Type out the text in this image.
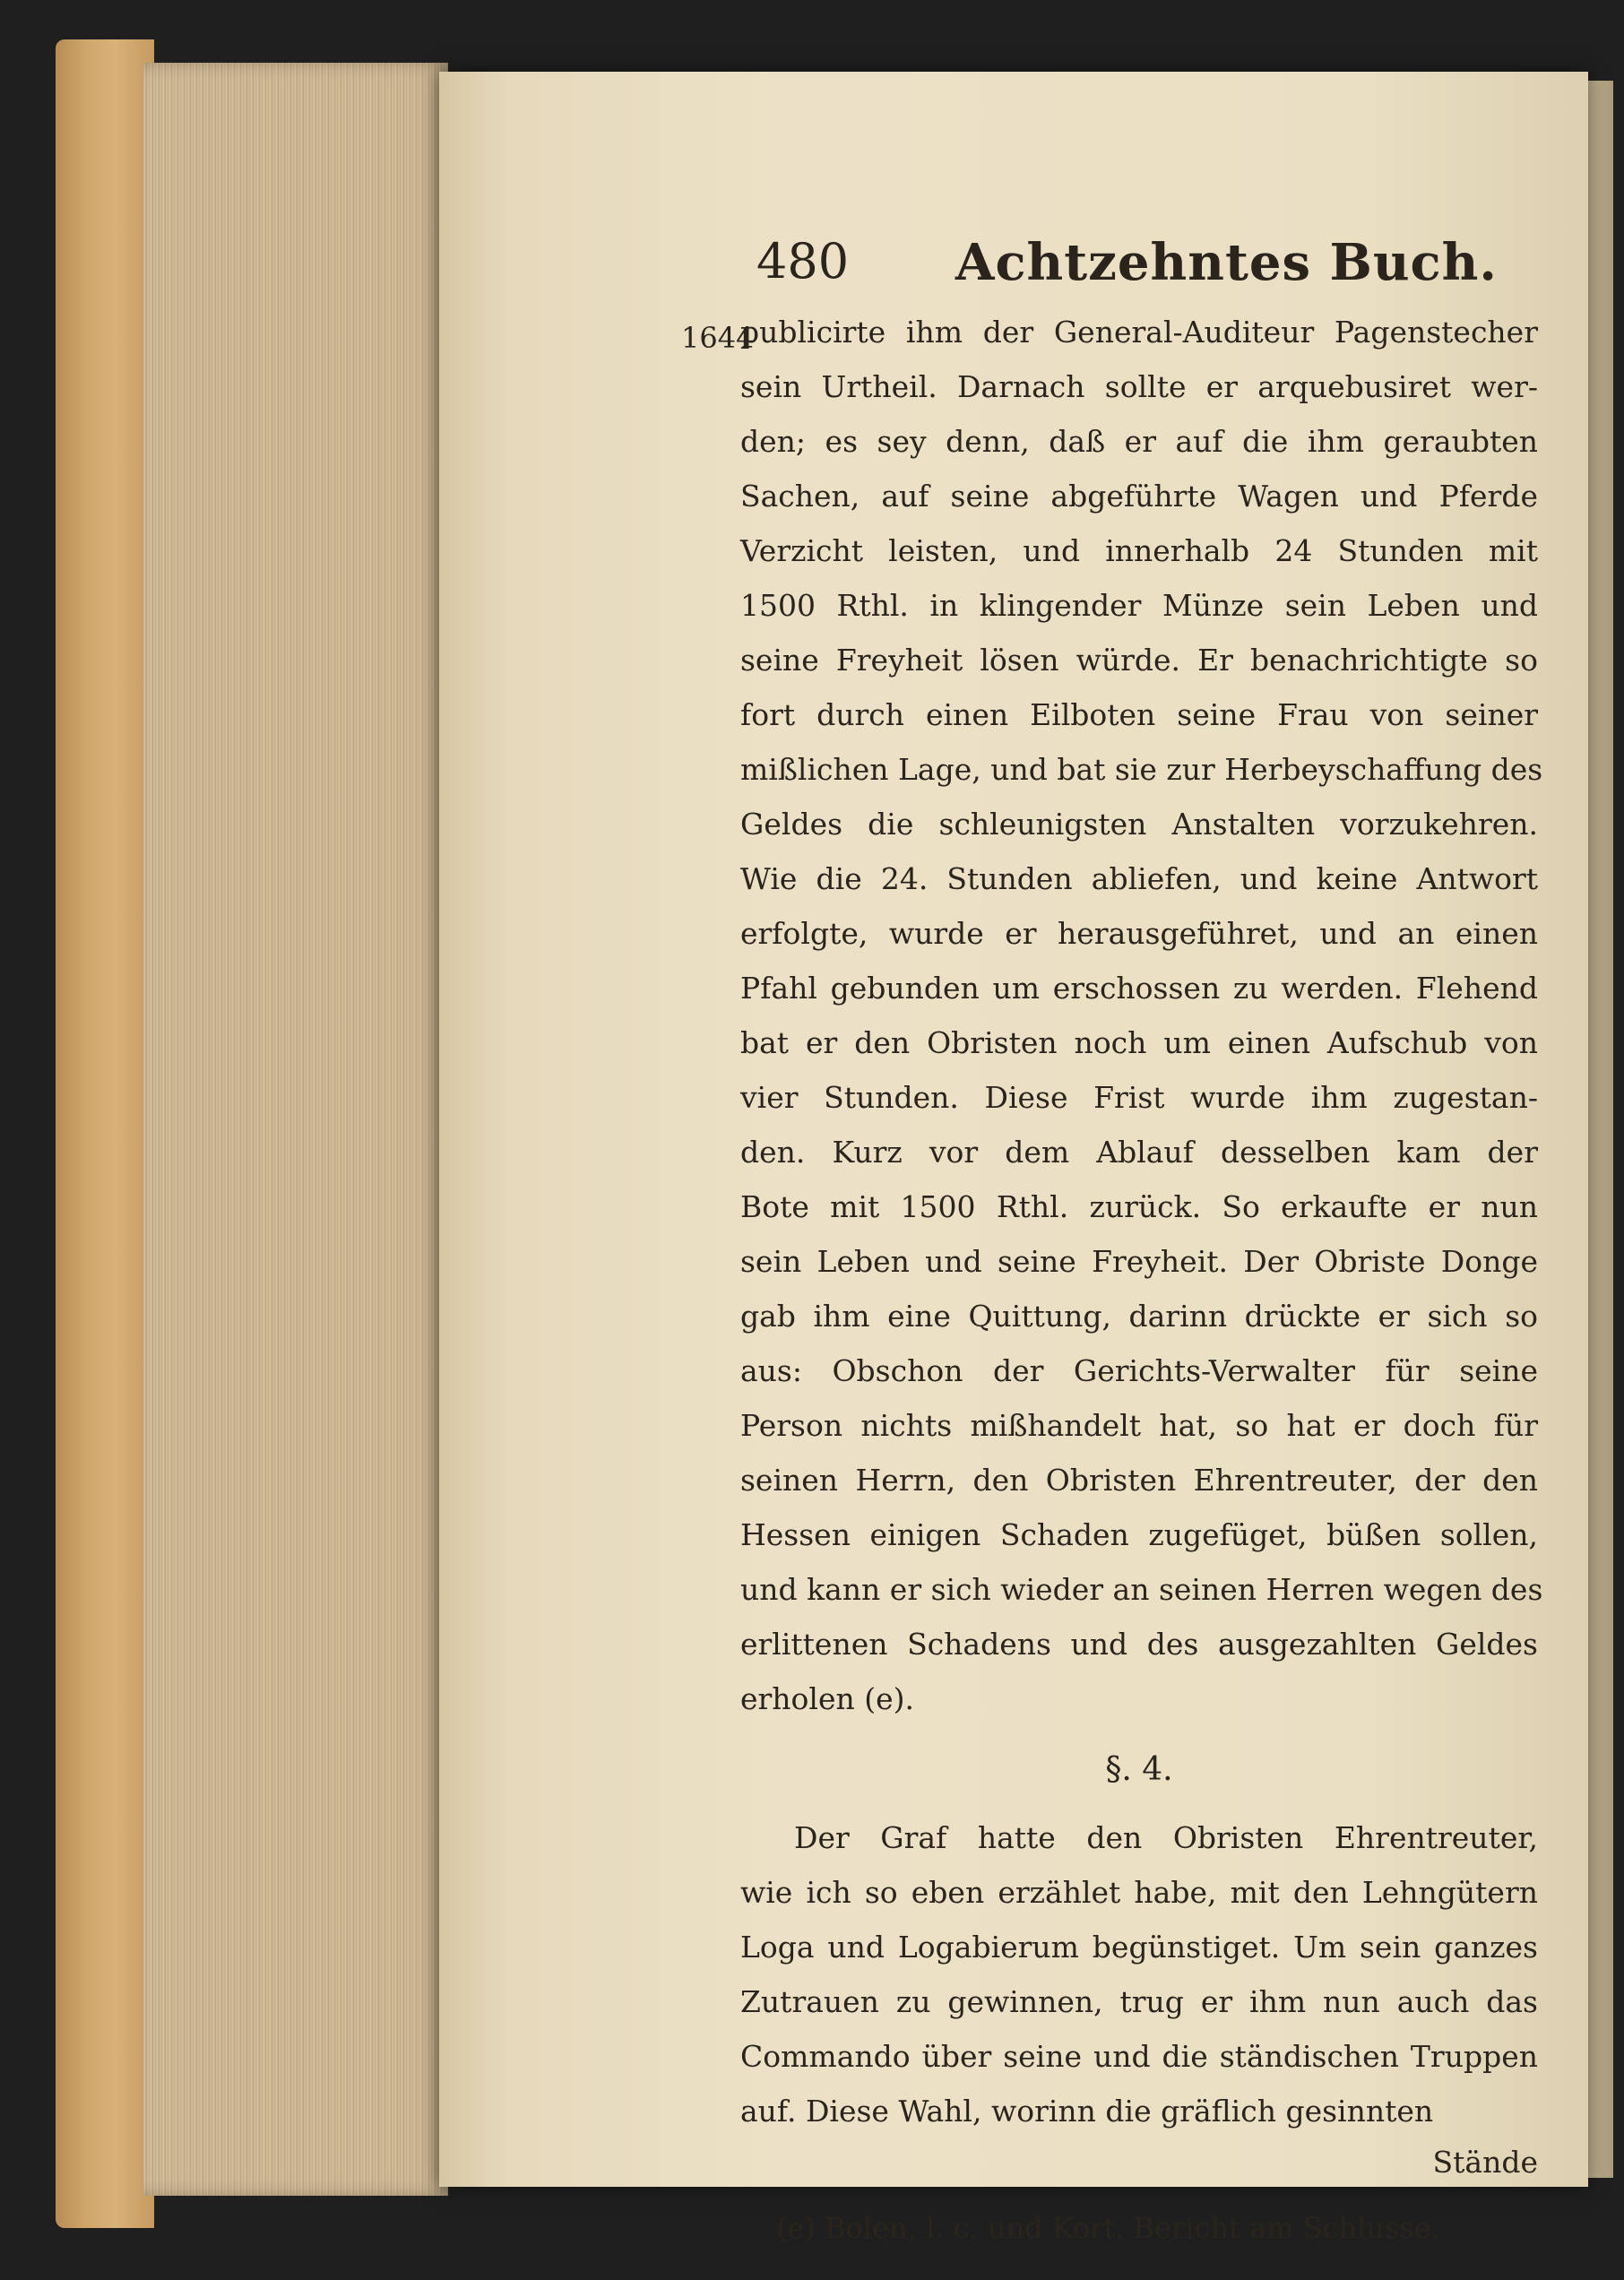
1644
480 Achtzehntes Buch.
publicirte ihm der General-Auditeur Pagenstecher
sein Urtheil. Darnach sollte er arquebusiret wer-
den; es sey denn, daß er auf die ihm geraubten
Sachen, auf seine abgeführte Wagen und Pferde
Verzicht leisten, und innerhalb 24 Stunden mit
1500 Rthl. in klingender Münze sein Leben und
seine Freyheit lösen würde. Er benachrichtigte so
fort durch einen Eilboten seine Frau von seiner
mißlichen Lage, und bat sie zur Herbeyschaffung des
Geldes die schleunigsten Anstalten vorzukehren.
Wie die 24. Stunden abliefen, und keine Antwort
erfolgte, wurde er herausgeführet, und an einen
Pfahl gebunden um erschossen zu werden. Flehend
bat er den Obristen noch um einen Aufschub von
vier Stunden. Diese Frist wurde ihm zugestan-
den. Kurz vor dem Ablauf desselben kam der
Bote mit 1500 Rthl. zurück. So erkaufte er nun
sein Leben und seine Freyheit. Der Obriste Donge
gab ihm eine Quittung, darinn drückte er sich so
aus: Obschon der Gerichts-Verwalter für seine
Person nichts mißhandelt hat, so hat er doch für
seinen Herrn, den Obristen Ehrentreuter, der den
Hessen einigen Schaden zugefüget, büßen sollen,
und kann er sich wieder an seinen Herren wegen des
erlittenen Schadens und des ausgezahlten Geldes
erholen (e).
§. 4.
Der Graf hatte den Obristen Ehrentreuter,
wie ich so eben erzählet habe, mit den Lehngütern
Loga und Logabierum begünstiget. Um sein ganzes
Zutrauen zu gewinnen, trug er ihm nun auch das
Commando über seine und die ständischen Truppen
auf. Diese Wahl, worinn die gräflich gesinnten
Stände
(e) Bolen. l. c. und Kort. Bericht am Schlusse.
